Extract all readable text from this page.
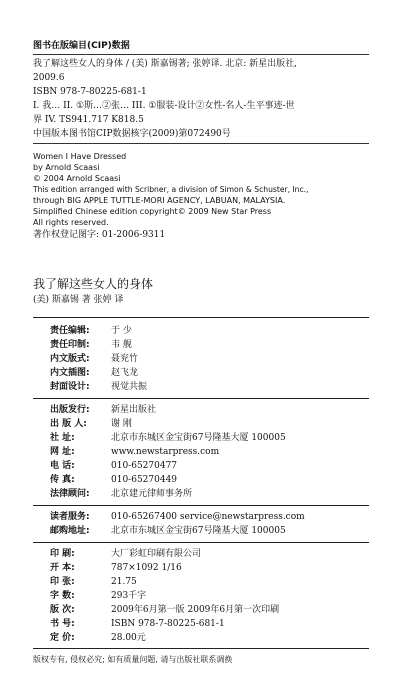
图书在版编目(CIP)数据
我了解这些女人的身体 / (美) 斯嘉锡著; 张婷译. 北京: 新星出版社,
2009.6
ISBN 978-7-80225-681-1
I. 我… II. ①斯…②张… III. ①服装-设计②女性-名人-生平事迹-世
界 IV. TS941.717 K818.5
中国版本图书馆CIP数据核字(2009)第072490号
Women I Have Dressed
by Arnold Scaasi
© 2004 Arnold Scaasi
This edition arranged with Scribner, a division of Simon & Schuster, Inc.,
through BIG APPLE TUTTLE-MORI AGENCY, LABUAN, MALAYSIA.
Simplified Chinese edition copyright© 2009 New Star Press
All rights reserved.
著作权登记图字: 01-2006-9311
我了解这些女人的身体
(美) 斯嘉锡 著 张婷 译
责任编辑:	于 少
责任印制:	韦 舰
内文版式:	聂兖竹
内文插图:	赵飞龙
封面设计:	视觉共振
出版发行:	新星出版社
出 版 人:	谢 刚
社 址:	北京市东城区金宝街67号隆基大厦 100005
网 址:	www.newstarpress.com
电 话:	010-65270477
传 真:	010-65270449
法律顾问:	北京建元律师事务所
读者服务:	010-65267400 service@newstarpress.com
邮购地址:	北京市东城区金宝街67号隆基大厦 100005
印 刷:	大厂彩虹印刷有限公司
开 本:	787×1092 1/16
印 张:	21.75
字 数:	293千字
版 次:	2009年6月第一版 2009年6月第一次印刷
书 号:	ISBN 978-7-80225-681-1
定 价:	28.00元
版权专有, 侵权必究; 如有质量问题, 请与出版社联系调换
